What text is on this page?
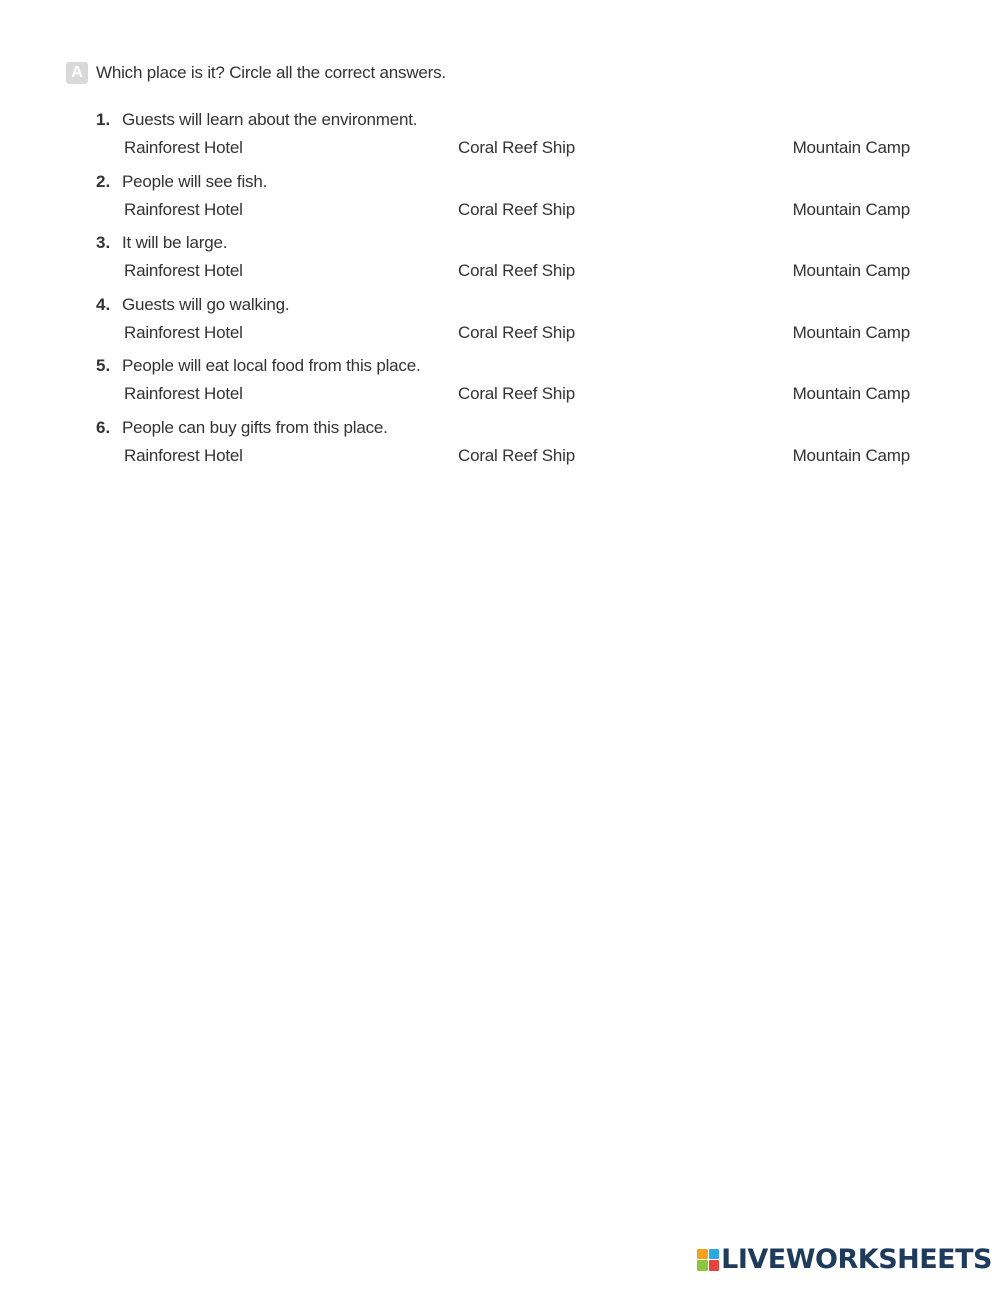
A Which place is it? Circle all the correct answers.
1. Guests will learn about the environment.
Rainforest Hotel	Coral Reef Ship	Mountain Camp
2. People will see fish.
Rainforest Hotel	Coral Reef Ship	Mountain Camp
3. It will be large.
Rainforest Hotel	Coral Reef Ship	Mountain Camp
4. Guests will go walking.
Rainforest Hotel	Coral Reef Ship	Mountain Camp
5. People will eat local food from this place.
Rainforest Hotel	Coral Reef Ship	Mountain Camp
6. People can buy gifts from this place.
Rainforest Hotel	Coral Reef Ship	Mountain Camp
LIVEWORKSHEETS
